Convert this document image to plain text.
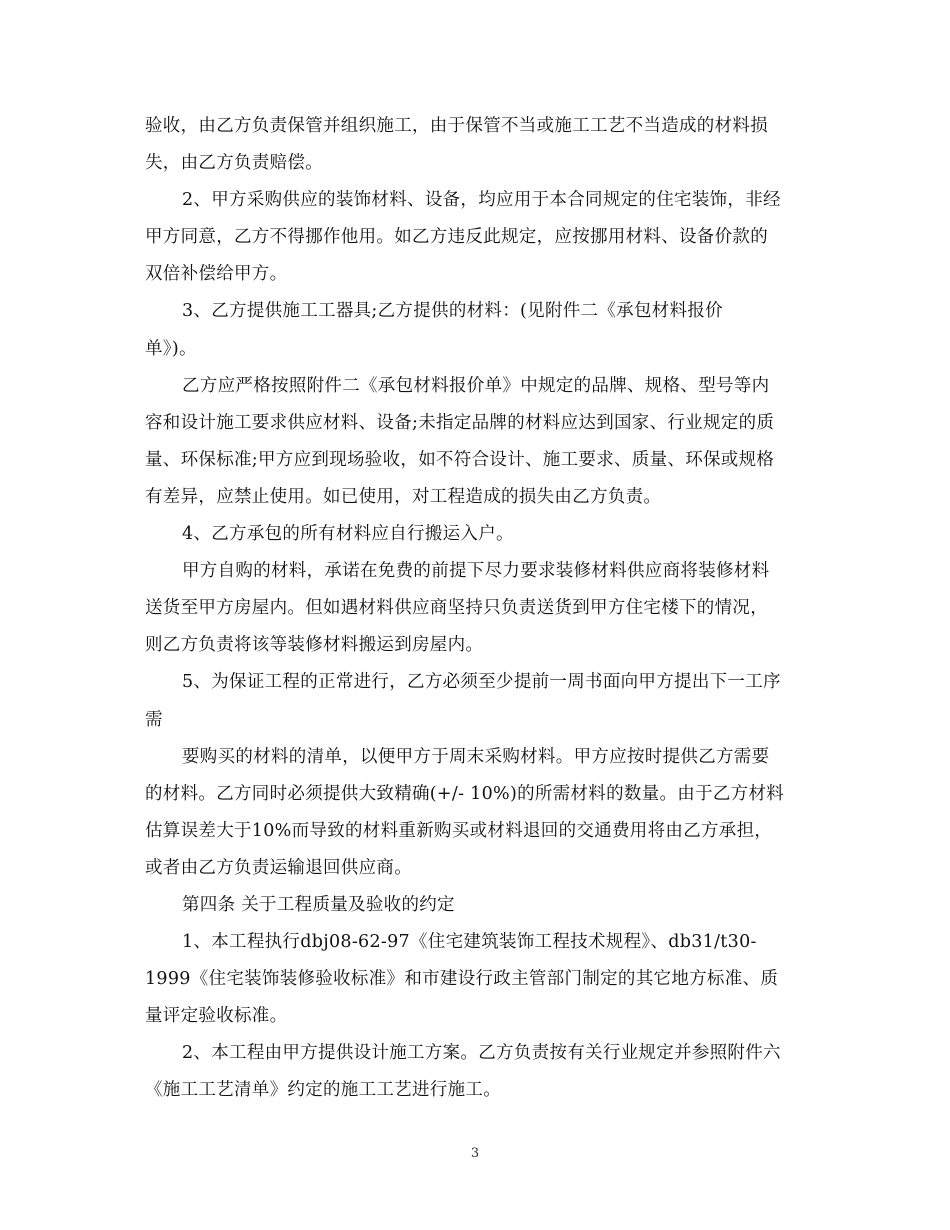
验收，由乙方负责保管并组织施工，由于保管不当或施工工艺不当造成的材料损
失，由乙方负责赔偿。
2、甲方采购供应的装饰材料、设备，均应用于本合同规定的住宅装饰，非经
甲方同意，乙方不得挪作他用。如乙方违反此规定，应按挪用材料、设备价款的
双倍补偿给甲方。
3、乙方提供施工工器具;乙方提供的材料：(见附件二《承包材料报价
单》)。
乙方应严格按照附件二《承包材料报价单》中规定的品牌、规格、型号等内
容和设计施工要求供应材料、设备;未指定品牌的材料应达到国家、行业规定的质
量、环保标准;甲方应到现场验收，如不符合设计、施工要求、质量、环保或规格
有差异，应禁止使用。如已使用，对工程造成的损失由乙方负责。
4、乙方承包的所有材料应自行搬运入户。
甲方自购的材料，承诺在免费的前提下尽力要求装修材料供应商将装修材料
送货至甲方房屋内。但如遇材料供应商坚持只负责送货到甲方住宅楼下的情况，
则乙方负责将该等装修材料搬运到房屋内。
5、为保证工程的正常进行，乙方必须至少提前一周书面向甲方提出下一工序
需
要购买的材料的清单，以便甲方于周末采购材料。甲方应按时提供乙方需要
的材料。乙方同时必须提供大致精确(+/- 10%)的所需材料的数量。由于乙方材料
估算误差大于10%而导致的材料重新购买或材料退回的交通费用将由乙方承担，
或者由乙方负责运输退回供应商。
第四条 关于工程质量及验收的约定
1、本工程执行dbj08-62-97《住宅建筑装饰工程技术规程》、db31/t30-
1999《住宅装饰装修验收标准》和市建设行政主管部门制定的其它地方标准、质
量评定验收标准。
2、本工程由甲方提供设计施工方案。乙方负责按有关行业规定并参照附件六
《施工工艺清单》约定的施工工艺进行施工。
3
